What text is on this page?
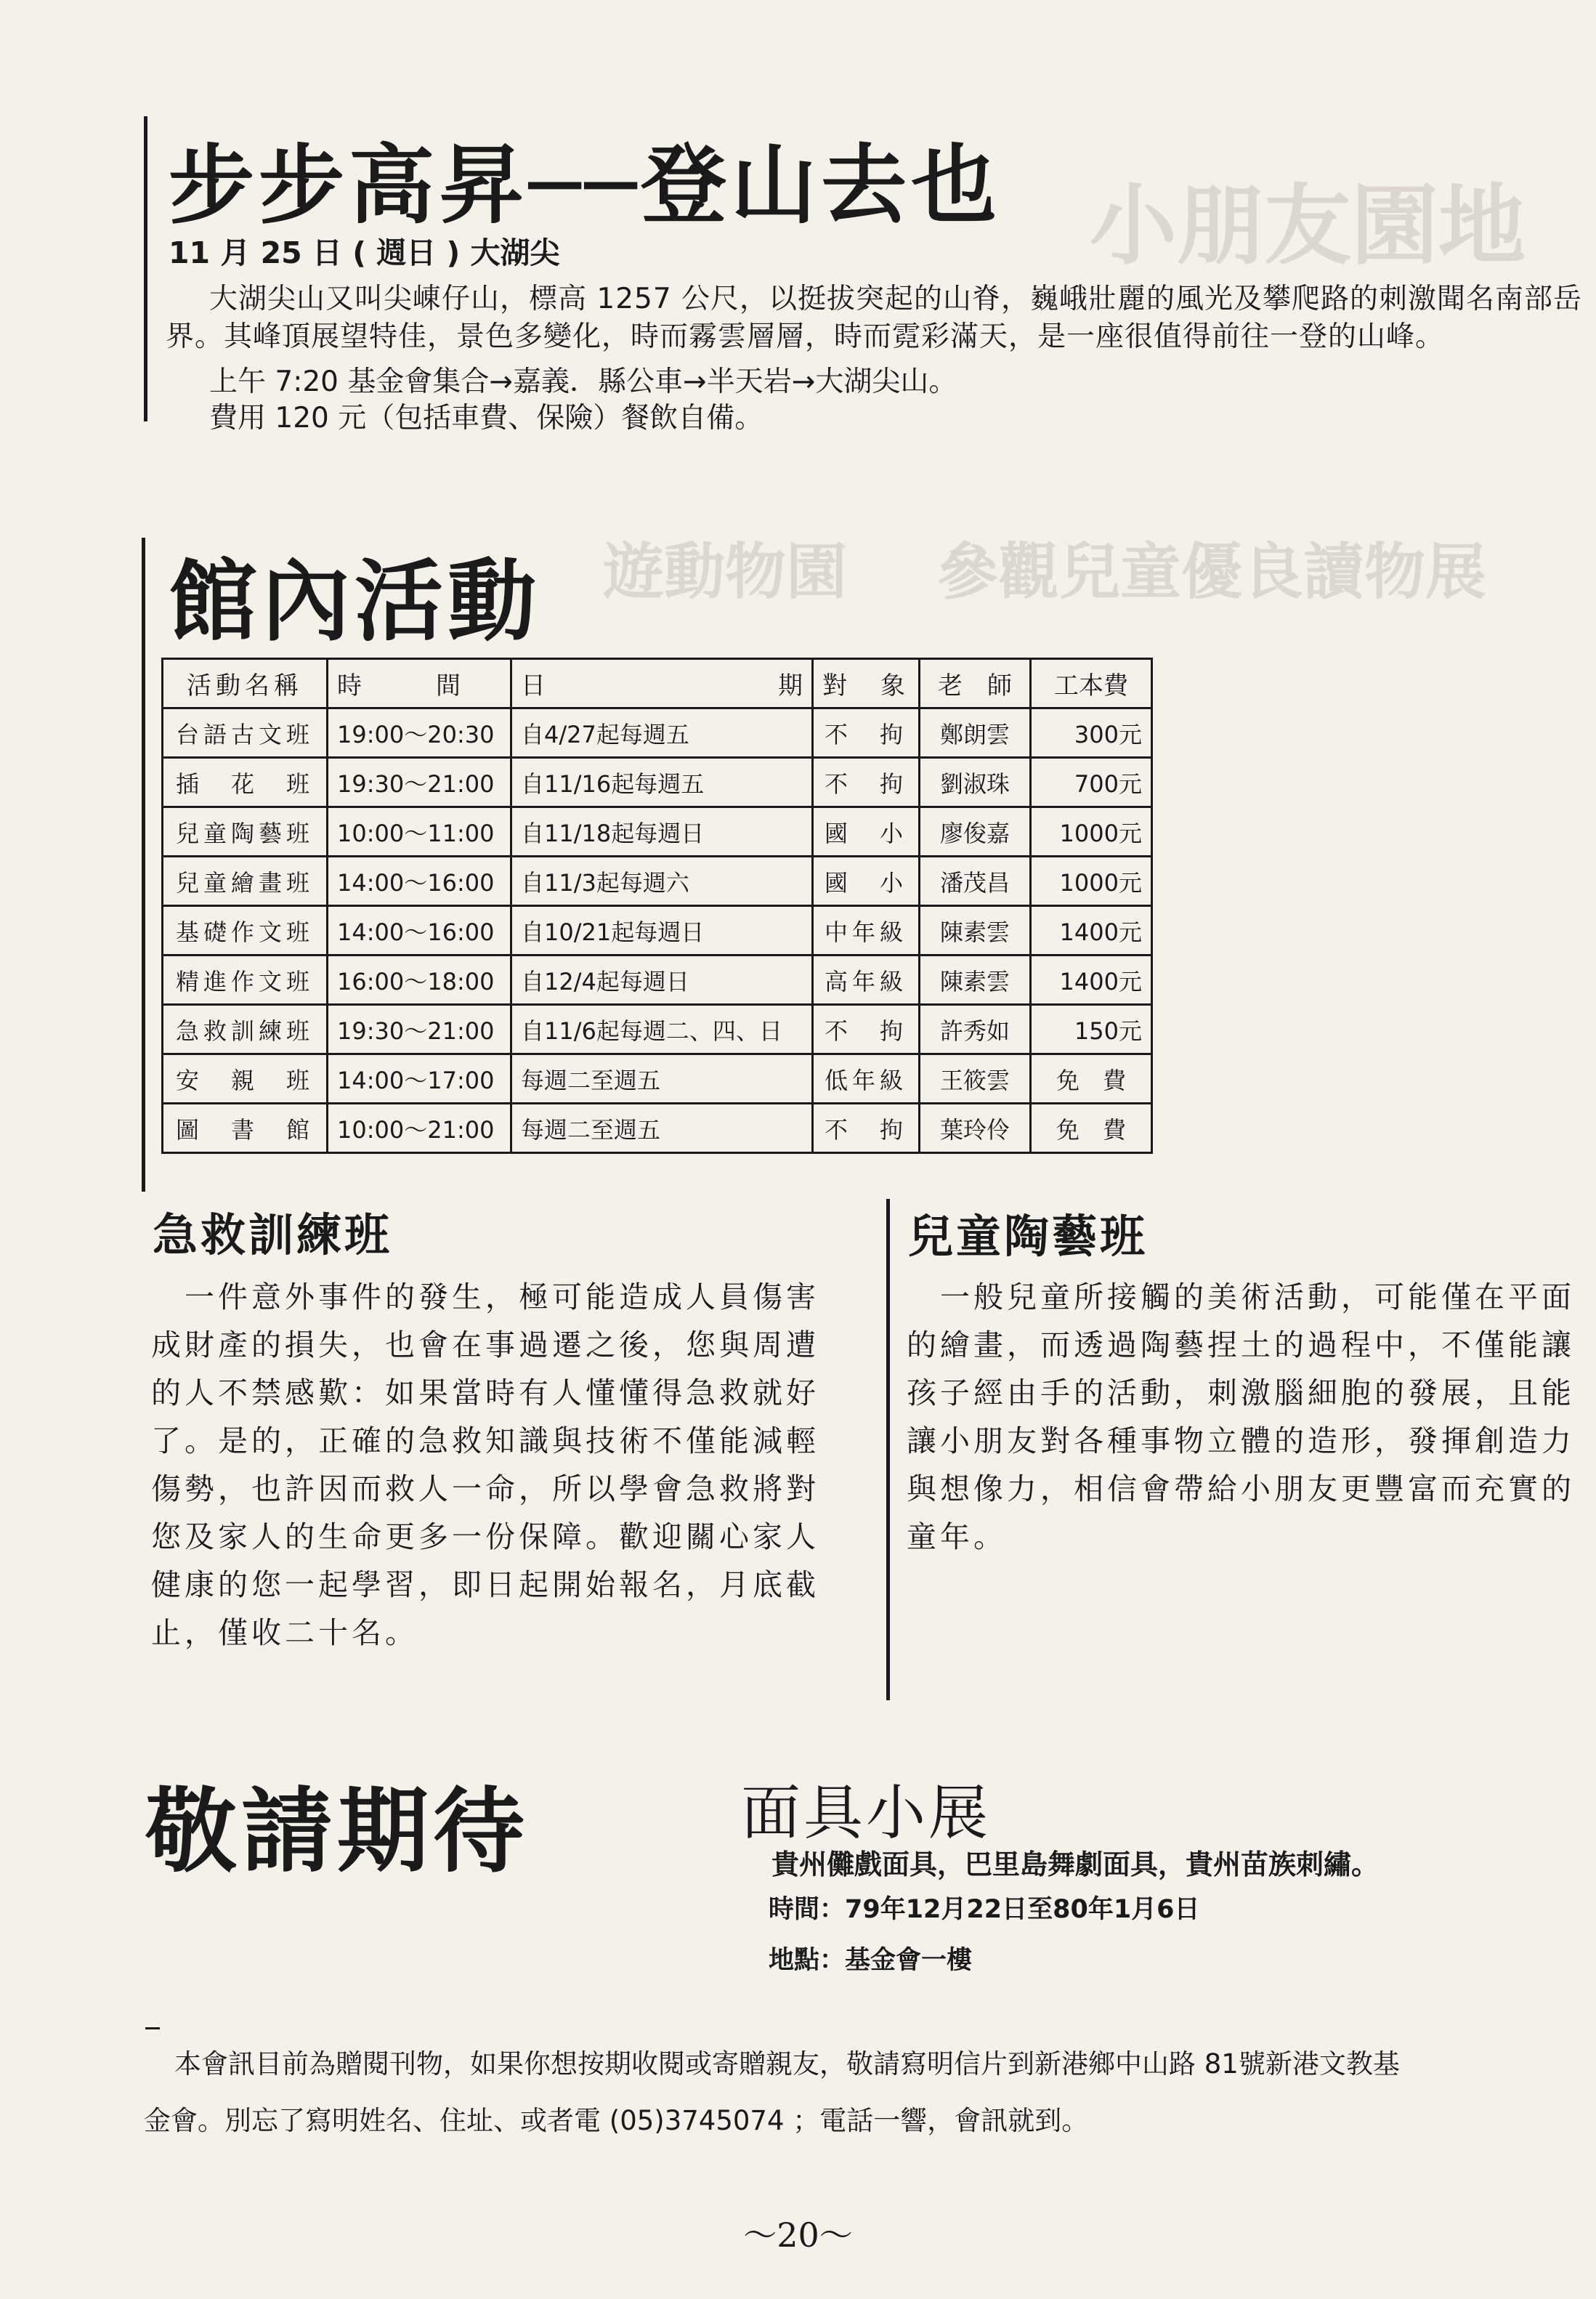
小朋友園地
參觀兒童優良讀物展
遊動物園
步步高昇──登山去也
11 月 25 日 ( 週日 ) 大湖尖
大湖尖山又叫尖崠仔山，標高 1257 公尺，以挺拔突起的山脊，巍峨壯麗的風光及攀爬路的刺激聞名南部岳界。其峰頂展望特佳，景色多變化，時而霧雲層層，時而霓彩滿天，是一座很值得前往一登的山峰。
上午 7:20 基金會集合→嘉義．縣公車→半天岩→大湖尖山。
費用 120 元（包括車費、保險）餐飲自備。
館內活動
活動名稱	時　　　間	日 期	對　象	老　師	工本費
台語古文班	19:00～20:30	自4/27起每週五	不　拘	鄭朗雲	300元
插　花　班	19:30～21:00	自11/16起每週五	不　拘	劉淑珠	700元
兒童陶藝班	10:00～11:00	自11/18起每週日	國　小	廖俊嘉	1000元
兒童繪畫班	14:00～16:00	自11/3起每週六	國　小	潘茂昌	1000元
基礎作文班	14:00～16:00	自10/21起每週日	中年級	陳素雲	1400元
精進作文班	16:00～18:00	自12/4起每週日	高年級	陳素雲	1400元
急救訓練班	19:30～21:00	自11/6起每週二、四、日	不　拘	許秀如	150元
安　親　班	14:00～17:00	每週二至週五	低年級	王筱雲	免　費
圖　書　館	10:00～21:00	每週二至週五	不　拘	葉玲伶	免　費
急救訓練班
　一件意外事件的發生，極可能造成人員傷害
成財產的損失，也會在事過遷之後，您與周遭
的人不禁感歎：如果當時有人懂懂得急救就好
了。是的，正確的急救知識與技術不僅能減輕
傷勢，也許因而救人一命，所以學會急救將對
您及家人的生命更多一份保障。歡迎關心家人
健康的您一起學習，即日起開始報名，月底截
止，僅收二十名。
兒童陶藝班
　一般兒童所接觸的美術活動，可能僅在平面
的繪畫，而透過陶藝捏土的過程中，不僅能讓
孩子經由手的活動，刺激腦細胞的發展，且能
讓小朋友對各種事物立體的造形，發揮創造力
與想像力，相信會帶給小朋友更豐富而充實的
童年。
敬請期待	面具小展
貴州儺戲面具，巴里島舞劇面具，貴州苗族刺繡。
時間：79年12月22日至80年1月6日
地點：基金會一樓
本會訊目前為贈閱刊物，如果你想按期收閱或寄贈親友，敬請寫明信片到新港鄉中山路 81號新港文教基
金會。別忘了寫明姓名、住址、或者電 (05)3745074 ；電話一響，會訊就到。
～20～
